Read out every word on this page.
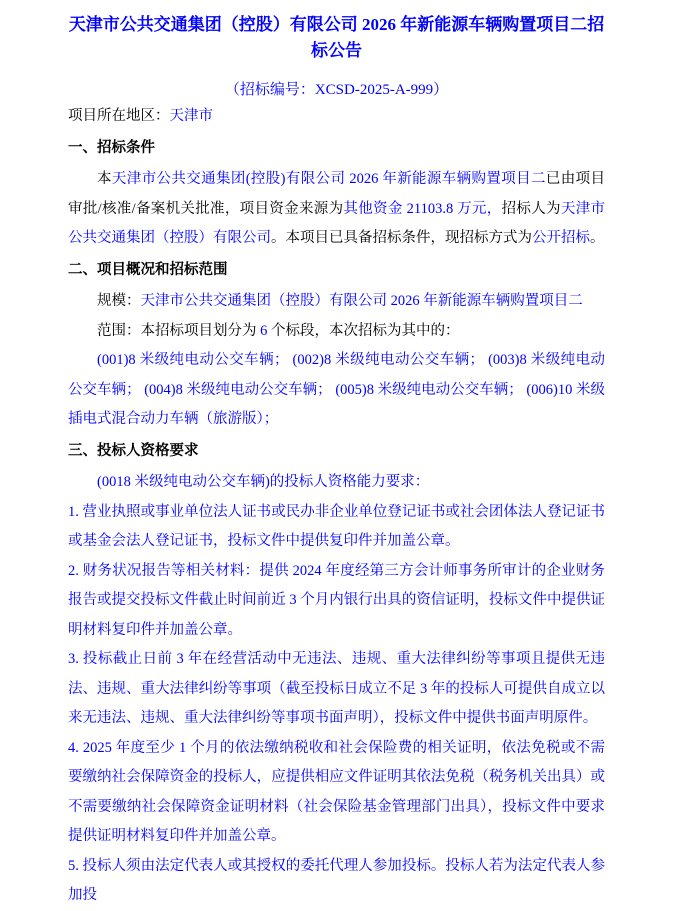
天津市公共交通集团（控股）有限公司 2026 年新能源车辆购置项目二招标公告

（招标编号：XCSD-2025-A-999）

项目所在地区：天津市

一、招标条件

本天津市公共交通集团(控股)有限公司 2026 年新能源车辆购置项目二已由项目审批/核准/备案机关批准，项目资金来源为其他资金 21103.8 万元，招标人为天津市公共交通集团（控股）有限公司。本项目已具备招标条件，现招标方式为公开招标。

二、项目概况和招标范围

规模：天津市公共交通集团（控股）有限公司 2026 年新能源车辆购置项目二

范围：本招标项目划分为 6 个标段，本次招标为其中的：

(001)8 米级纯电动公交车辆； (002)8 米级纯电动公交车辆； (003)8 米级纯电动公交车辆； (004)8 米级纯电动公交车辆； (005)8 米级纯电动公交车辆； (006)10 米级插电式混合动力车辆（旅游版）；

三、投标人资格要求

(0018 米级纯电动公交车辆)的投标人资格能力要求：

1. 营业执照或事业单位法人证书或民办非企业单位登记证书或社会团体法人登记证书或基金会法人登记证书，投标文件中提供复印件并加盖公章。

2. 财务状况报告等相关材料：提供 2024 年度经第三方会计师事务所审计的企业财务报告或提交投标文件截止时间前近 3 个月内银行出具的资信证明，投标文件中提供证明材料复印件并加盖公章。

3. 投标截止日前 3 年在经营活动中无违法、违规、重大法律纠纷等事项且提供无违法、违规、重大法律纠纷等事项（截至投标日成立不足 3 年的投标人可提供自成立以来无违法、违规、重大法律纠纷等事项书面声明），投标文件中提供书面声明原件。

4. 2025 年度至少 1 个月的依法缴纳税收和社会保险费的相关证明，依法免税或不需要缴纳社会保障资金的投标人，应提供相应文件证明其依法免税（税务机关出具）或不需要缴纳社会保障资金证明材料（社会保险基金管理部门出具），投标文件中要求提供证明材料复印件并加盖公章。

5. 投标人须由法定代表人或其授权的委托代理人参加投标。投标人若为法定代表人参加投
